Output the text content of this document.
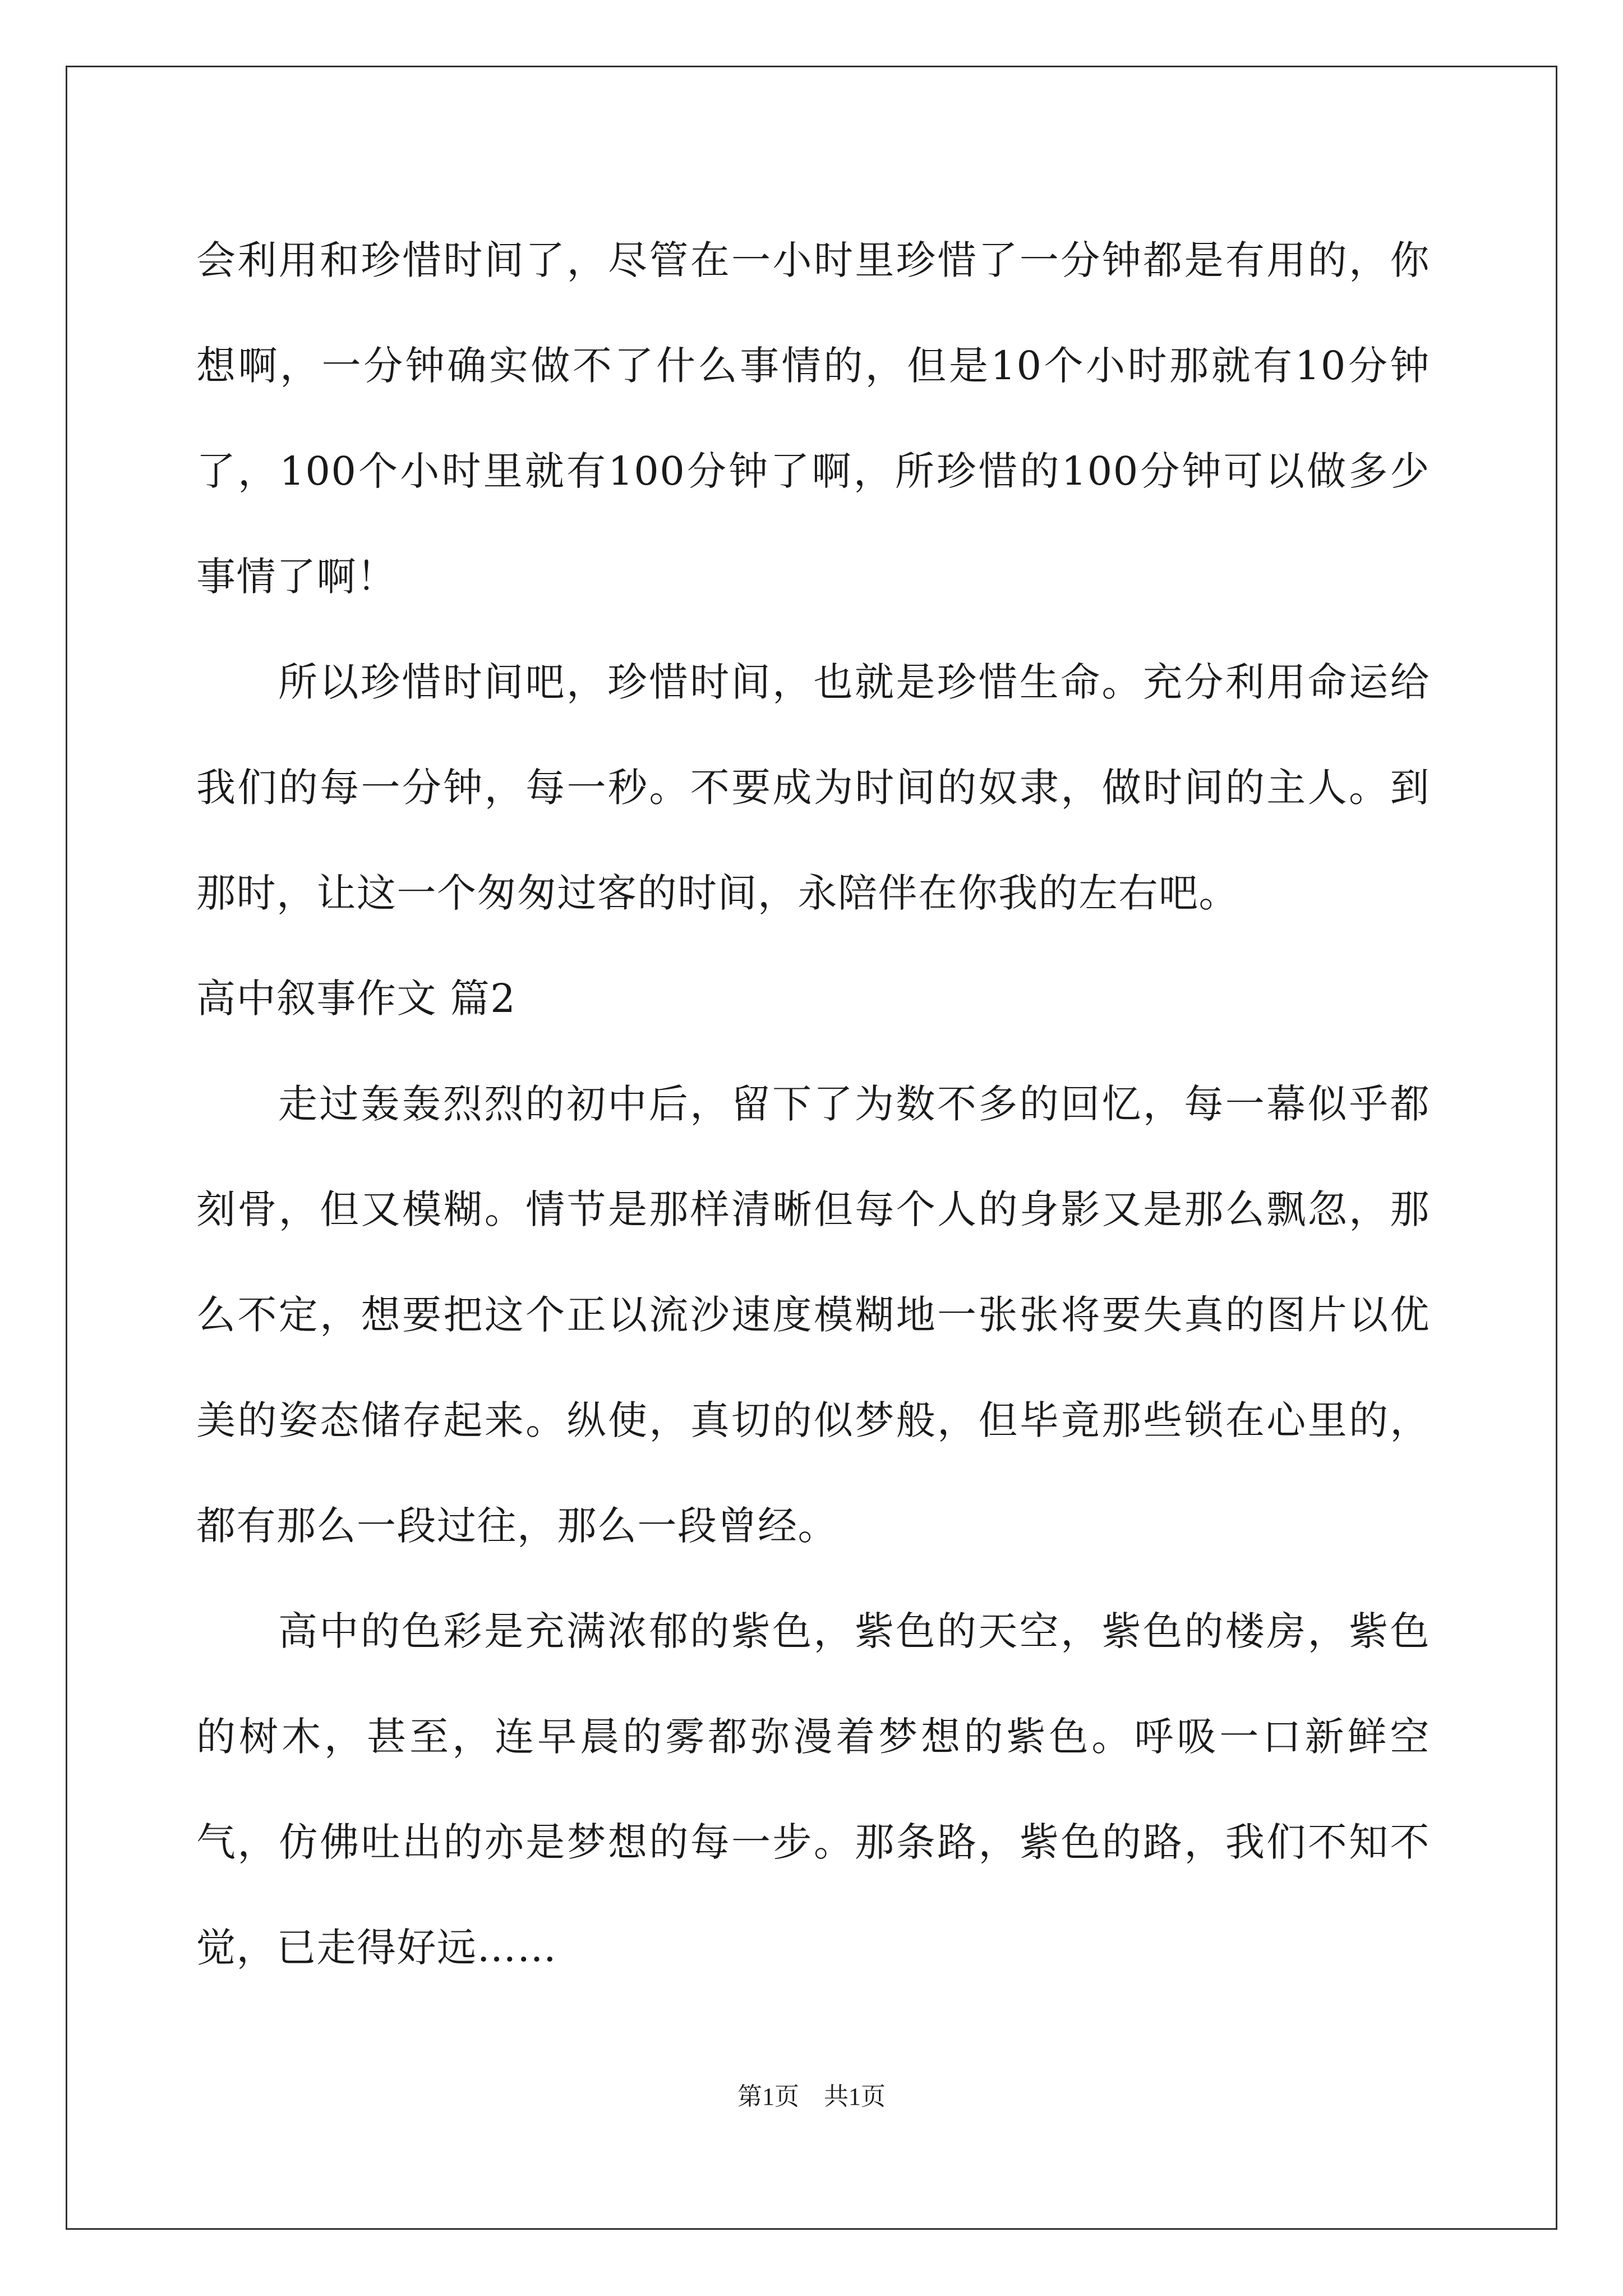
会利用和珍惜时间了，尽管在一小时里珍惜了一分钟都是有用的，你想啊，一分钟确实做不了什么事情的，但是10个小时那就有10分钟了，100个小时里就有100分钟了啊，所珍惜的100分钟可以做多少事情了啊！

所以珍惜时间吧，珍惜时间，也就是珍惜生命。充分利用命运给我们的每一分钟，每一秒。不要成为时间的奴隶，做时间的主人。到那时，让这一个匆匆过客的时间，永陪伴在你我的左右吧。

高中叙事作文 篇2

走过轰轰烈烈的初中后，留下了为数不多的回忆，每一幕似乎都刻骨，但又模糊。情节是那样清晰但每个人的身影又是那么飘忽，那么不定，想要把这个正以流沙速度模糊地一张张将要失真的图片以优美的姿态储存起来。纵使，真切的似梦般，但毕竟那些锁在心里的，都有那么一段过往，那么一段曾经。

高中的色彩是充满浓郁的紫色，紫色的天空，紫色的楼房，紫色的树木，甚至，连早晨的雾都弥漫着梦想的紫色。呼吸一口新鲜空气，仿佛吐出的亦是梦想的每一步。那条路，紫色的路，我们不知不觉，已走得好远……

第1页 共1页
